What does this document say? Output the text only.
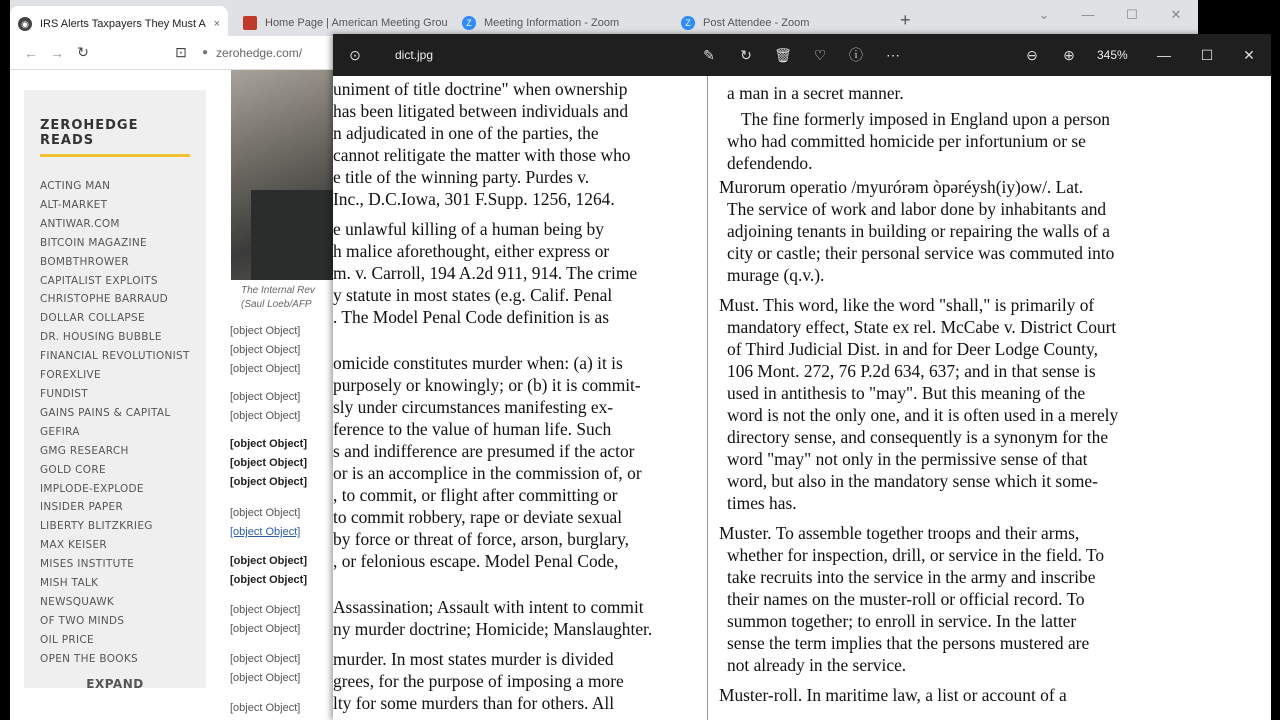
◉ IRS Alerts Taxpayers They Must A ×	Home Page | American Meeting Grou	Z	Meeting Information - Zoom	Z	Post Attendee - Zoom	+	⌄	—	☐	✕
← → ↻	⊡	● zerohedge.com/
ZEROHEDGE READS
ACTING MAN
ALT-MARKET
ANTIWAR.COM
BITCOIN MAGAZINE
BOMBTHROWER
CAPITALIST EXPLOITS
CHRISTOPHE BARRAUD
DOLLAR COLLAPSE
DR. HOUSING BUBBLE
FINANCIAL REVOLUTIONIST
FOREXLIVE
FUNDIST
GAINS PAINS & CAPITAL
GEFIRA
GMG RESEARCH
GOLD CORE
IMPLODE-EXPLODE
INSIDER PAPER
LIBERTY BLITZKRIEG
MAX KEISER
MISES INSTITUTE
MISH TALK
NEWSQUAWK
OF TWO MINDS
OIL PRICE
OPEN THE BOOKS
EXPAND
The Internal Rev
(Saul Loeb/AFP
[object Object]
[object Object]
[object Object]
[object Object]
[object Object]
[object Object]
[object Object]
[object Object]
[object Object]
[object Object]
[object Object]
[object Object]
[object Object]
[object Object]
[object Object]
[object Object]
[object Object]
⊙	dict.jpg	✎	↻	🗑	♡	ⓘ	⋯	⊖	⊕	345%	—	☐	✕
uniment of title doctrine" when ownership
has been litigated between individuals and
n adjudicated in one of the parties, the
cannot relitigate the matter with those who
e title of the winning party. Purdes v.
Inc., D.C.Iowa, 301 F.Supp. 1256, 1264.
e unlawful killing of a human being by
h malice aforethought, either express or
m. v. Carroll, 194 A.2d 911, 914. The crime
y statute in most states (e.g. Calif. Penal
. The Model Penal Code definition is as
omicide constitutes murder when: (a) it is
purposely or knowingly; or (b) it is commit-
sly under circumstances manifesting ex-
ference to the value of human life. Such
s and indifference are presumed if the actor
or is an accomplice in the commission of, or
, to commit, or flight after committing or
to commit robbery, rape or deviate sexual
by force or threat of force, arson, burglary,
, or felonious escape. Model Penal Code,
Assassination; Assault with intent to commit
ny murder doctrine; Homicide; Manslaughter.
murder. In most states murder is divided
grees, for the purpose of imposing a more
lty for some murders than for others. All
a man in a secret manner.
The fine formerly imposed in England upon a person
who had committed homicide per infortunium or se
defendendo.
Murorum operatio /myurórəm òpəréysh(iy)ow/. Lat.
The service of work and labor done by inhabitants and
adjoining tenants in building or repairing the walls of a
city or castle; their personal service was commuted into
murage (q.v.).
Must. This word, like the word "shall," is primarily of
mandatory effect, State ex rel. McCabe v. District Court
of Third Judicial Dist. in and for Deer Lodge County,
106 Mont. 272, 76 P.2d 634, 637; and in that sense is
used in antithesis to "may". But this meaning of the
word is not the only one, and it is often used in a merely
directory sense, and consequently is a synonym for the
word "may" not only in the permissive sense of that
word, but also in the mandatory sense which it some-
times has.
Muster. To assemble together troops and their arms,
whether for inspection, drill, or service in the field. To
take recruits into the service in the army and inscribe
their names on the muster-roll or official record. To
summon together; to enroll in service. In the latter
sense the term implies that the persons mustered are
not already in the service.
Muster-roll. In maritime law, a list or account of a
